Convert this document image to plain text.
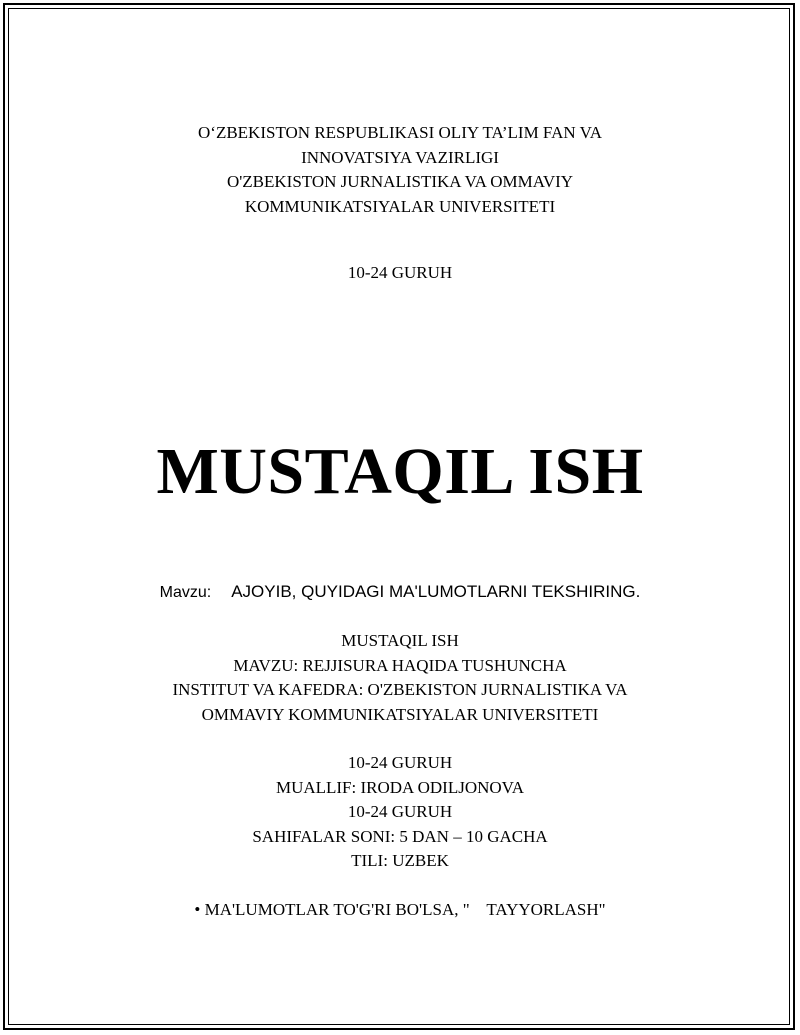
O‘ZBEKISTON RESPUBLIKASI OLIY TA’LIM FAN VA
INNOVATSIYA VAZIRLIGI
O'ZBEKISTON JURNALISTIKA VA OMMAVIY
KOMMUNIKATSIYALAR UNIVERSITETI
10-24 GURUH
MUSTAQIL ISH
Mavzu: AJOYIB, QUYIDAGI MA'LUMOTLARNI TEKSHIRING.
MUSTAQIL ISH
MAVZU: REJJISURA HAQIDA TUSHUNCHA
INSTITUT VA KAFEDRA: O'ZBEKISTON JURNALISTIKA VA
OMMAVIY KOMMUNIKATSIYALAR UNIVERSITETI
10-24 GURUH
MUALLIF: IRODA ODILJONOVA
10-24 GURUH
SAHIFALAR SONI: 5 DAN – 10 GACHA
TILI: UZBEK
• MA'LUMOTLAR TO'G'RI BO'LSA, "    TAYYORLASH"
